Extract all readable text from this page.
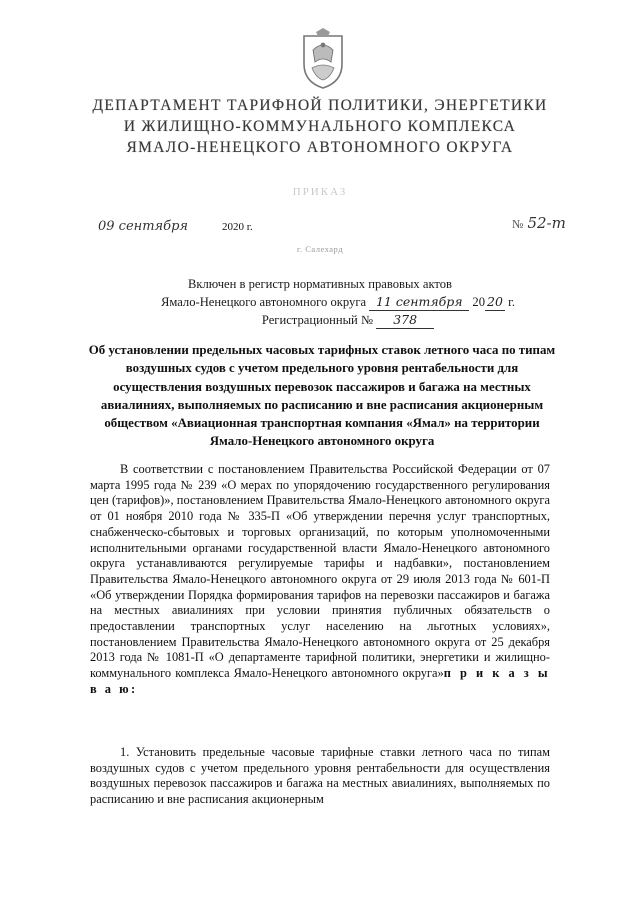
ДЕПАРТАМЕНТ ТАРИФНОЙ ПОЛИТИКИ, ЭНЕРГЕТИКИ
И ЖИЛИЩНО-КОММУНАЛЬНОГО КОМПЛЕКСА
ЯМАЛО-НЕНЕЦКОГО АВТОНОМНОГО ОКРУГА
ПРИКАЗ
09 сентября	2020 г.	№ 52-т
г. Салехард
Включен в регистр нормативных правовых актов
Ямало-Ненецкого автономного округа 11 сентября 20 20 г.
Регистрационный № 378
Об установлении предельных часовых тарифных ставок летного часа по типам воздушных судов с учетом предельного уровня рентабельности для осуществления воздушных перевозок пассажиров и багажа на местных авиалиниях, выполняемых по расписанию и вне расписания акционерным обществом «Авиационная транспортная компания «Ямал» на территории Ямало-Ненецкого автономного округа
В соответствии с постановлением Правительства Российской Федерации от 07 марта 1995 года № 239 «О мерах по упорядочению государственного регулирования цен (тарифов)», постановлением Правительства Ямало-Ненецкого автономного округа от 01 ноября 2010 года № 335-П «Об утверждении перечня услуг транспортных, снабженческо-сбытовых и торговых организаций, по которым уполномоченными исполнительными органами государственной власти Ямало-Ненецкого автономного округа устанавливаются регулируемые тарифы и надбавки», постановлением Правительства Ямало-Ненецкого автономного округа от 29 июля 2013 года № 601-П «Об утверждении Порядка формирования тарифов на перевозки пассажиров и багажа на местных авиалиниях при условии принятия публичных обязательств о предоставлении транспортных услуг населению на льготных условиях», постановлением Правительства Ямало-Ненецкого автономного округа от 25 декабря 2013 года № 1081-П «О департаменте тарифной политики, энергетики и жилищно-коммунального комплекса Ямало-Ненецкого автономного округа»п р и к а з ы в а ю:
1. Установить предельные часовые тарифные ставки летного часа по типам воздушных судов с учетом предельного уровня рентабельности для осуществления воздушных перевозок пассажиров и багажа на местных авиалиниях, выполняемых по расписанию и вне расписания акционерным
